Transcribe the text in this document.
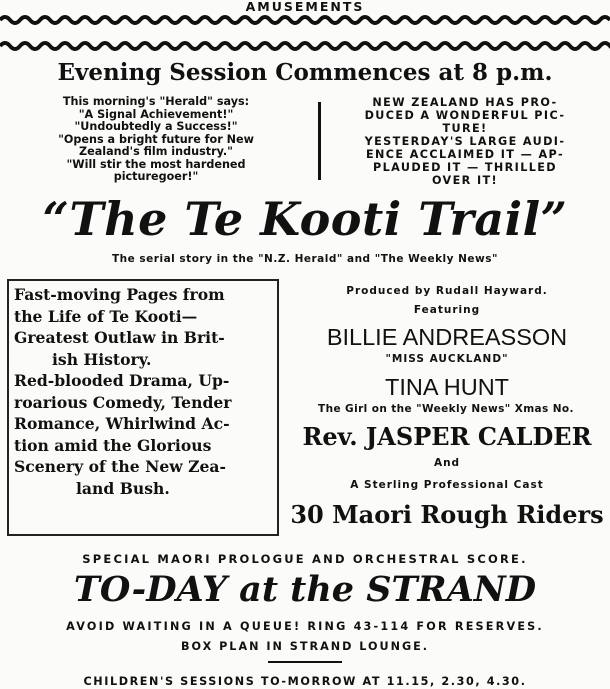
AMUSEMENTS
Evening Session Commences at 8 p.m.
This morning's "Herald" says:
"A Signal Achievement!"
"Undoubtedly a Success!"
"Opens a bright future for New
Zealand's film industry."
"Will stir the most hardened
picturegoer!"
NEW ZEALAND HAS PRO-
DUCED A WONDERFUL PIC-
TURE!
YESTERDAY'S LARGE AUDI-
ENCE ACCLAIMED IT — AP-
PLAUDED IT — THRILLED
OVER IT!
“The Te Kooti Trail”
The serial story in the "N.Z. Herald" and "The Weekly News"
Fast-moving Pages from
the Life of Te Kooti—
Greatest Outlaw in Brit-
ish History.
Red-blooded Drama, Up-
roarious Comedy, Tender
Romance, Whirlwind Ac-
tion amid the Glorious
Scenery of the New Zea-
land Bush.
Produced by Rudall Hayward.
Featuring
BILLIE ANDREASSON
"MISS AUCKLAND"
TINA HUNT
The Girl on the "Weekly News" Xmas No.
Rev. JASPER CALDER
And
A Sterling Professional Cast
30 Maori Rough Riders
SPECIAL MAORI PROLOGUE AND ORCHESTRAL SCORE.
TO-DAY at the STRAND
AVOID WAITING IN A QUEUE! RING 43-114 FOR RESERVES.
BOX PLAN IN STRAND LOUNGE.
CHILDREN'S SESSIONS TO-MORROW AT 11.15, 2.30, 4.30.
